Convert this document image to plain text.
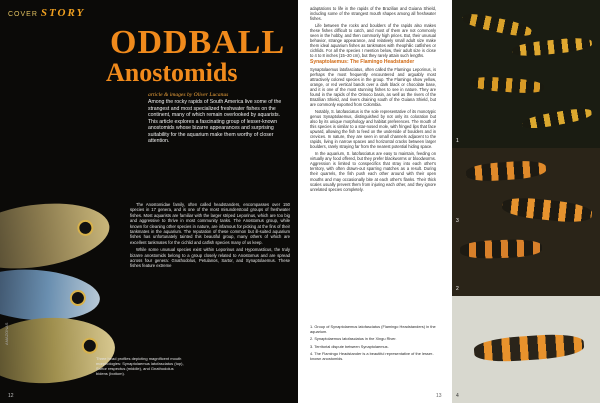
COVER STORY
ODDBALL
Anostomids
article & images by Oliver Lucanus
Among the rocky rapids of South America live some of the strangest and most specialized freshwater fishes on the continent, many of which remain overlooked by aquarists. This article explores a fascinating group of lesser-known anostomids whose bizarre appearances and surprising suitability for the aquarium make them worthy of closer attention.

The Anostomidae family, often called headstanders, encompasses over 150 species in 17 genera, and is one of the most misunderstood groups of freshwater fishes. Most aquarists are familiar with the larger striped Leporinus, which are too big and aggressive to thrive in most community tanks. The Anostomus group, while known for cleaning other species in nature, are infamous for picking at the fins of their tankmates in the aquarium. The reputation of these common but ill-suited aquarium fishes has unfortunately tainted this beautiful group, many others of which are excellent tankmates for the cichlid and catfish species many of us keep.

While some unusual species exist within Leporinus and Hypomasticus, the truly bizarre anostomids belong to a group closely related to Anostomus and are spread across four genera: Gnathodolus, Petulanos, Sartor, and Synaptolaemus. These fishes feature extreme

Three head profiles depicting magnificent mouth morphologies: Synaptolaemus latofasciatus (top), Sartor respectus (middle), and Gnathodolus bidens (bottom).
AMAZONAS
12

adaptations to life in the rapids of the Brazilian and Guiana Shield, including some of the strangest mouth shapes among all freshwater fishes.

Life between the rocks and boulders of the rapids also makes these fishes difficult to catch, and most of them are not commonly seen in the hobby, and then commonly high prices. But, their unusual behavior, strange appearance, and relatively small adult size make them ideal aquarium fishes as tankmates with rheophilic catfishes or cichlids. For all the species I mention below, their adult size is close to 4 to 8 inches (15–20 cm), but they rarely attain such lengths.

Synaptolaemus: The Flamingo Headstander

Synaptolaemus latofasciatus, often called the Flamingo Leporinus, is perhaps the most frequently encountered and arguably most attractively colored species in the group. The Flamingo show yellow, orange, or red vertical bands over a dark black or chocolate base, and it is one of the most stunning fishes to see in nature. They are found in the rapids of the Orinoco basin, as well as the rivers of the Brazilian Shield, and rivers draining south of the Guiana Shield, but are commonly exported from Colombia.

Notably, S. latofasciatus is the sole representative of its monotypic genus Synaptolaemus, distinguished by not only its coloration but also by its unique morphology and habitat preferences. The mouth of this species is similar to a star-nosed mole, with fringed lips that face upward, allowing the fish to feed on the underside of boulders and in crevices. In nature, they are seen in small channels adjacent to the rapids, living in narrow spaces and horizontal cracks between larger boulders, rarely straying far from the nearest potential hiding space.

In the aquarium, S. latofasciatus are easy to maintain, feeding on virtually any food offered, but they prefer blackworms or bloodworms. Aggression is limited to conspecifics that stray into each other's territory, with often drawn-out sparring matches as a result. During their quarrels, the fish push each other around with their open mouths and may occasionally bite at each other's flanks. Their thick scales usually prevent them from injuring each other, and they ignore unrelated species completely.

1. Group of Synaptolaemus latofasciatus (Flamingo Headstanders) in the aquarium.
2. Synaptolaemus latofasciatus in the Xingu River.
3. Territorial dispute between Synaptolaemus.
4. The Flamingo Headstander is a beautiful representative of the lesser-known anostomids.
13
1
2
3
4
